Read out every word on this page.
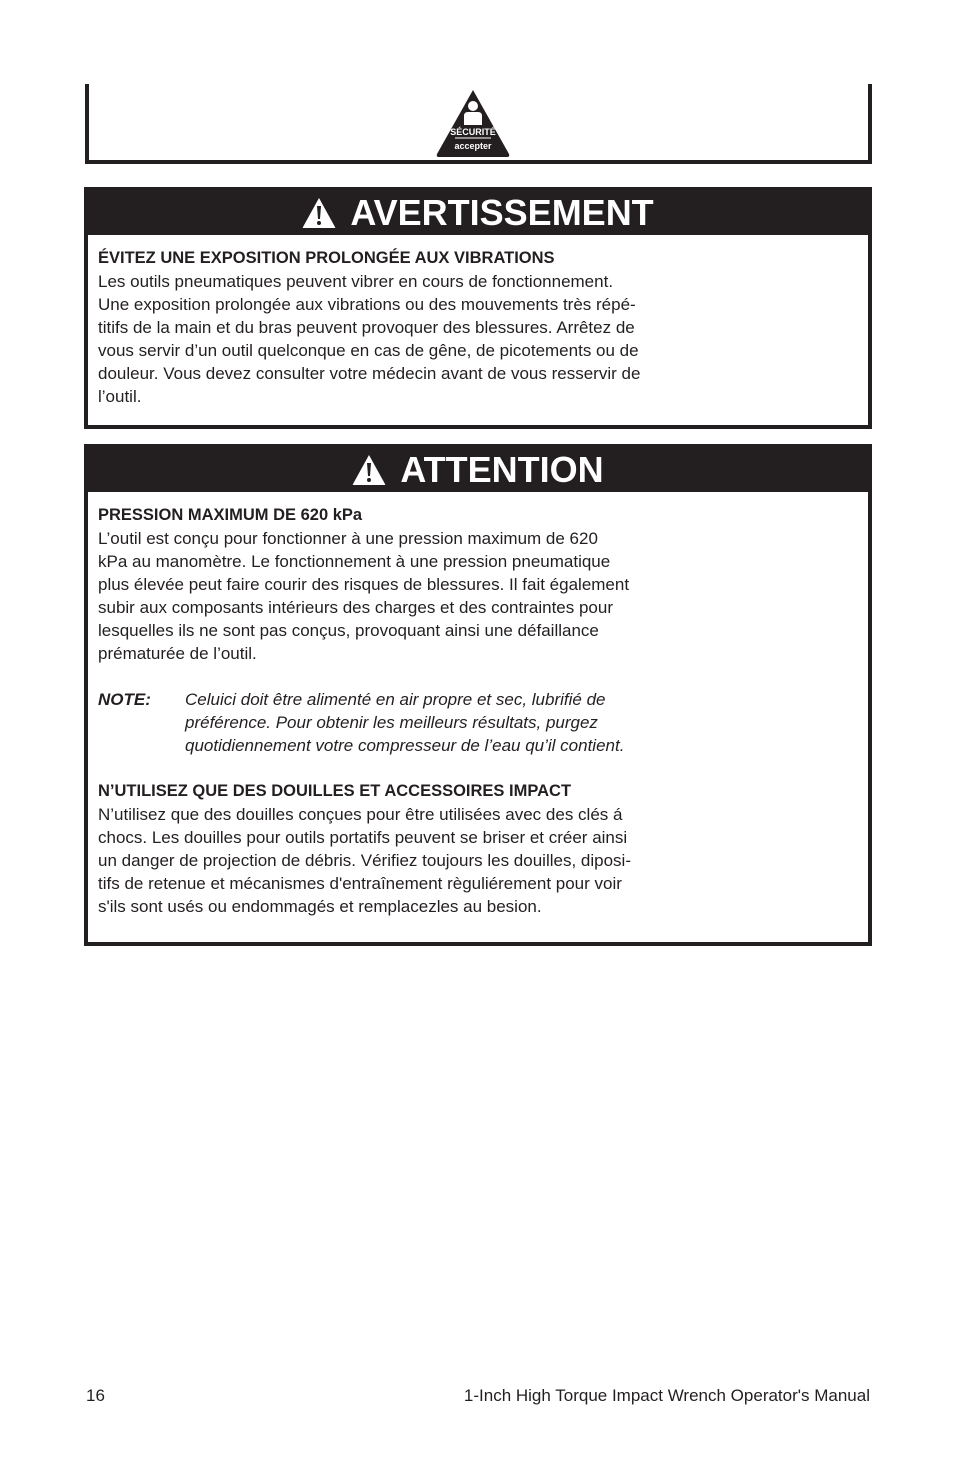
SÉCURITÉ
accepter
AVERTISSEMENT
ÉVITEZ UNE EXPOSITION PROLONGÉE AUX VIBRATIONS
Les outils pneumatiques peuvent vibrer en cours de fonctionnement.
Une exposition prolongée aux vibrations ou des mouvements très répé-
titifs de la main et du bras peuvent provoquer des blessures. Arrêtez de
vous servir d’un outil quelconque en cas de gêne, de picotements ou de
douleur. Vous devez consulter votre médecin avant de vous resservir de
l’outil.
ATTENTION
PRESSION MAXIMUM DE 620 kPa
L’outil est conçu pour fonctionner à une pression maximum de 620
kPa au manomètre. Le fonctionnement à une pression pneumatique
plus élevée peut faire courir des risques de blessures. Il fait également
subir aux composants intérieurs des charges et des contraintes pour
lesquelles ils ne sont pas conçus, provoquant ainsi une défaillance
prématurée de l’outil.
NOTE:	Celuici doit être alimenté en air propre et sec, lubrifié de
préférence. Pour obtenir les meilleurs résultats, purgez
quotidiennement votre compresseur de l’eau qu’il contient.
N’UTILISEZ QUE DES DOUILLES ET ACCESSOIRES IMPACT
N’utilisez que des douilles conçues pour être utilisées avec des clés á
chocs. Les douilles pour outils portatifs peuvent se briser et créer ainsi
un danger de projection de débris. Vérifiez toujours les douilles, diposi-
tifs de retenue et mécanismes d'entraînement règuliérement pour voir
s'ils sont usés ou endommagés et remplacezles au besion.
16	1-Inch High Torque Impact Wrench Operator's Manual
